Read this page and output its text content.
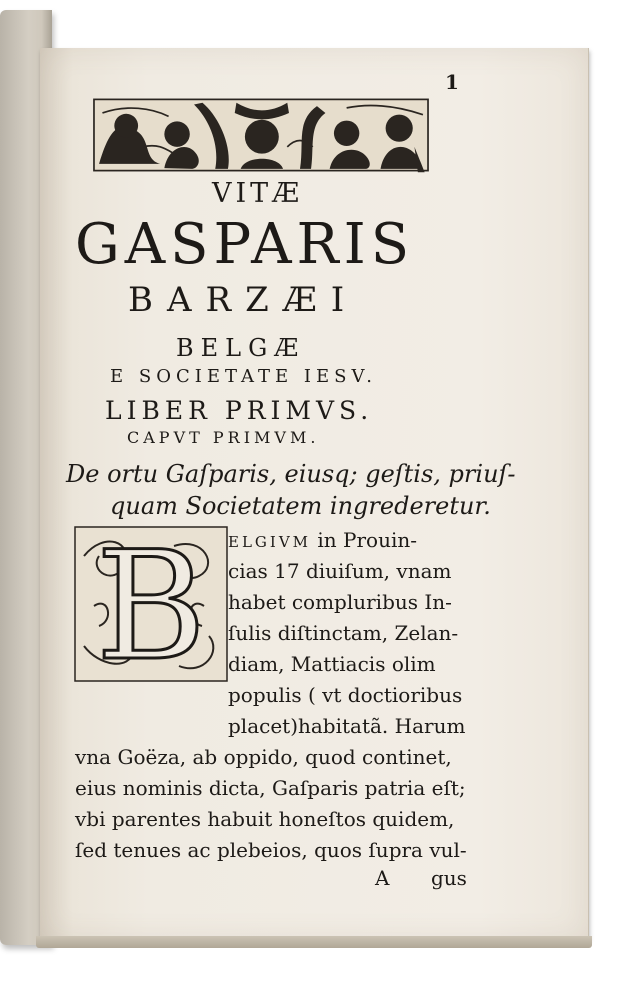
1
VITÆ
GASPARIS
BARZÆI
BELGÆ
E SOCIETATE IESV.
LIBER PRIMVS.
CAPVT PRIMVM.
De ortu Gaſparis, eiusq; geſtis, priuſ-
quam Societatem ingrederetur.
B ELGIVM in Prouin-
cias 17 diuiſum, vnam
habet compluribus In-
ſulis diſtinctam, Zelan-
diam, Mattiacis olim
populis ( vt doctioribus
placet)habitatã. Harum
vna Goëza, ab oppido, quod continet,
eius nominis dicta, Gaſparis patria eſt;
vbi parentes habuit honeſtos quidem,
ſed tenues ac plebeios, quos ſupra vul-
A gus
